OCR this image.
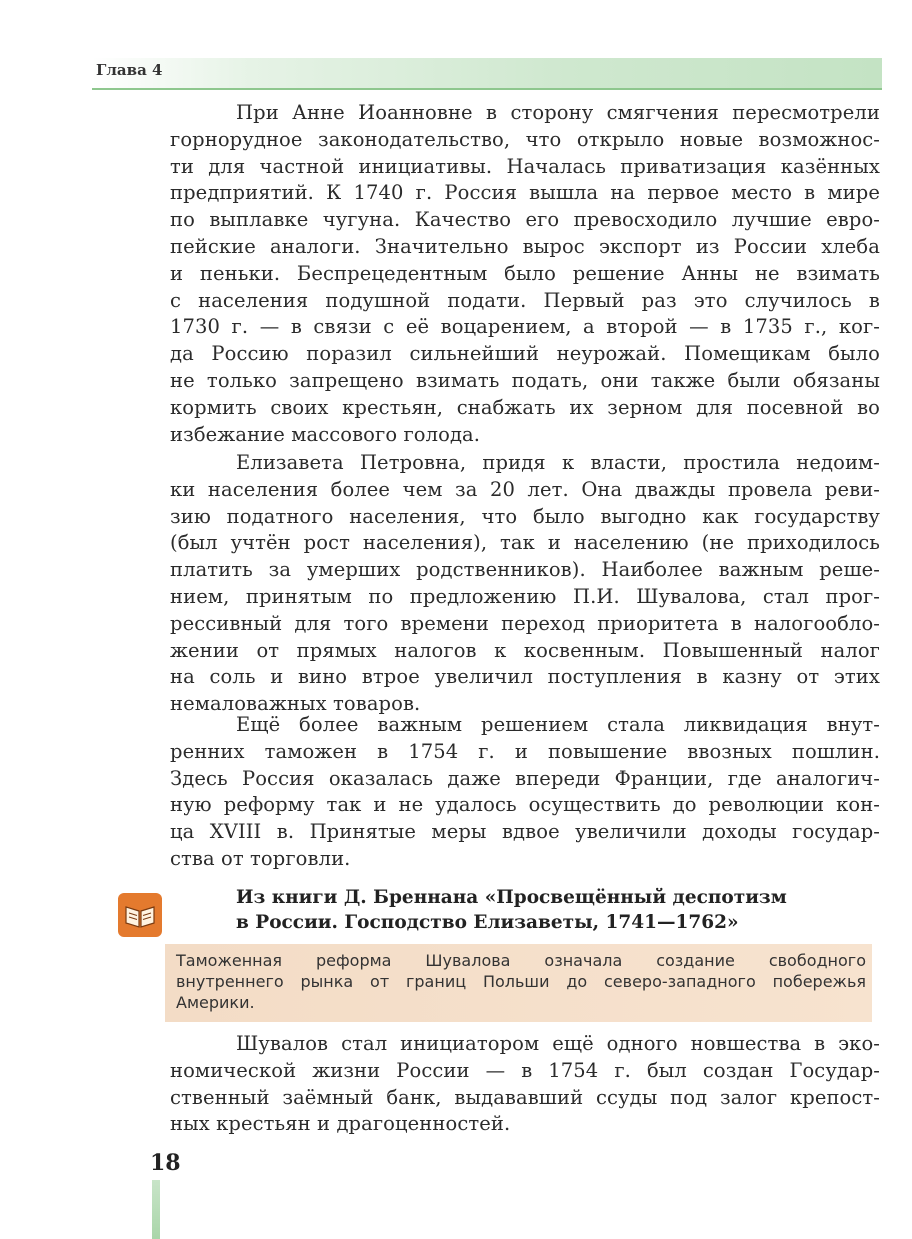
Глава 4
При Анне Иоанновне в сторону смягчения пересмотрели
горнорудное законодательство, что открыло новые возможнос-
ти для частной инициативы. Началась приватизация казённых
предприятий. К 1740 г. Россия вышла на первое место в мире
по выплавке чугуна. Качество его превосходило лучшие евро-
пейские аналоги. Значительно вырос экспорт из России хлеба
и пеньки. Беспрецедентным было решение Анны не взимать
с населения подушной подати. Первый раз это случилось в
1730 г. — в связи с её воцарением, а второй — в 1735 г., ког-
да Россию поразил сильнейший неурожай. Помещикам было
не только запрещено взимать подать, они также были обязаны
кормить своих крестьян, снабжать их зерном для посевной во
избежание массового голода.
Елизавета Петровна, придя к власти, простила недоим-
ки населения более чем за 20 лет. Она дважды провела реви-
зию податного населения, что было выгодно как государству
(был учтён рост населения), так и населению (не приходилось
платить за умерших родственников). Наиболее важным реше-
нием, принятым по предложению П.И. Шувалова, стал прог-
рессивный для того времени переход приоритета в налогообло-
жении от прямых налогов к косвенным. Повышенный налог
на соль и вино втрое увеличил поступления в казну от этих
немаловажных товаров.
Ещё более важным решением стала ликвидация внут-
ренних таможен в 1754 г. и повышение ввозных пошлин.
Здесь Россия оказалась даже впереди Франции, где аналогич-
ную реформу так и не удалось осуществить до революции кон-
ца XVIII в. Принятые меры вдвое увеличили доходы государ-
ства от торговли.
Из книги Д. Бреннана «Просвещённый деспотизм
в России. Господство Елизаветы, 1741—1762»
Таможенная реформа Шувалова означала создание свободного
внутреннего рынка от границ Польши до северо-западного побережья
Америки.
Шувалов стал инициатором ещё одного новшества в эко-
номической жизни России — в 1754 г. был создан Государ-
ственный заёмный банк, выдававший ссуды под залог крепост-
ных крестьян и драгоценностей.
18
